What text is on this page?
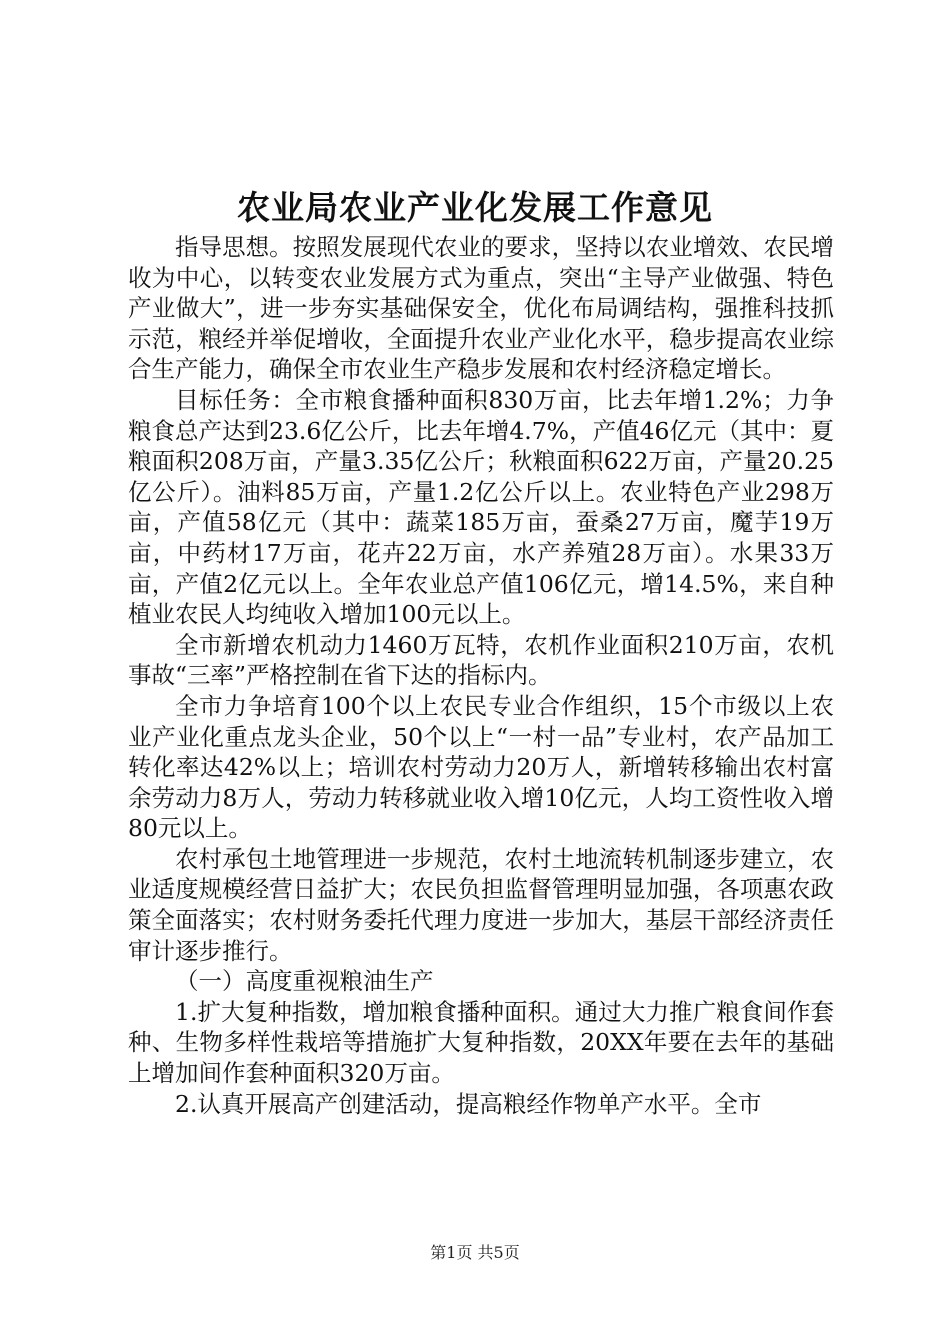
农业局农业产业化发展工作意见

指导思想。按照发展现代农业的要求，坚持以农业增效、农民增收为中心，以转变农业发展方式为重点，突出“主导产业做强、特色产业做大”，进一步夯实基础保安全，优化布局调结构，强推科技抓示范，粮经并举促增收，全面提升农业产业化水平，稳步提高农业综合生产能力，确保全市农业生产稳步发展和农村经济稳定增长。

目标任务：全市粮食播种面积830万亩，比去年增1.2%；力争粮食总产达到23.6亿公斤，比去年增4.7%，产值46亿元（其中：夏粮面积208万亩，产量3.35亿公斤；秋粮面积622万亩，产量20.25亿公斤）。油料85万亩，产量1.2亿公斤以上。农业特色产业298万亩，产值58亿元（其中：蔬菜185万亩，蚕桑27万亩，魔芋19万亩，中药材17万亩，花卉22万亩，水产养殖28万亩）。水果33万亩，产值2亿元以上。全年农业总产值106亿元，增14.5%，来自种植业农民人均纯收入增加100元以上。

全市新增农机动力1460万瓦特，农机作业面积210万亩，农机事故“三率”严格控制在省下达的指标内。

全市力争培育100个以上农民专业合作组织，15个市级以上农业产业化重点龙头企业，50个以上“一村一品”专业村，农产品加工转化率达42%以上；培训农村劳动力20万人，新增转移输出农村富余劳动力8万人，劳动力转移就业收入增10亿元，人均工资性收入增80元以上。

农村承包土地管理进一步规范，农村土地流转机制逐步建立，农业适度规模经营日益扩大；农民负担监督管理明显加强，各项惠农政策全面落实；农村财务委托代理力度进一步加大，基层干部经济责任审计逐步推行。

（一）高度重视粮油生产

1.扩大复种指数，增加粮食播种面积。通过大力推广粮食间作套种、生物多样性栽培等措施扩大复种指数，20XX年要在去年的基础上增加间作套种面积320万亩。

2.认真开展高产创建活动，提高粮经作物单产水平。全市

第1页 共5页
